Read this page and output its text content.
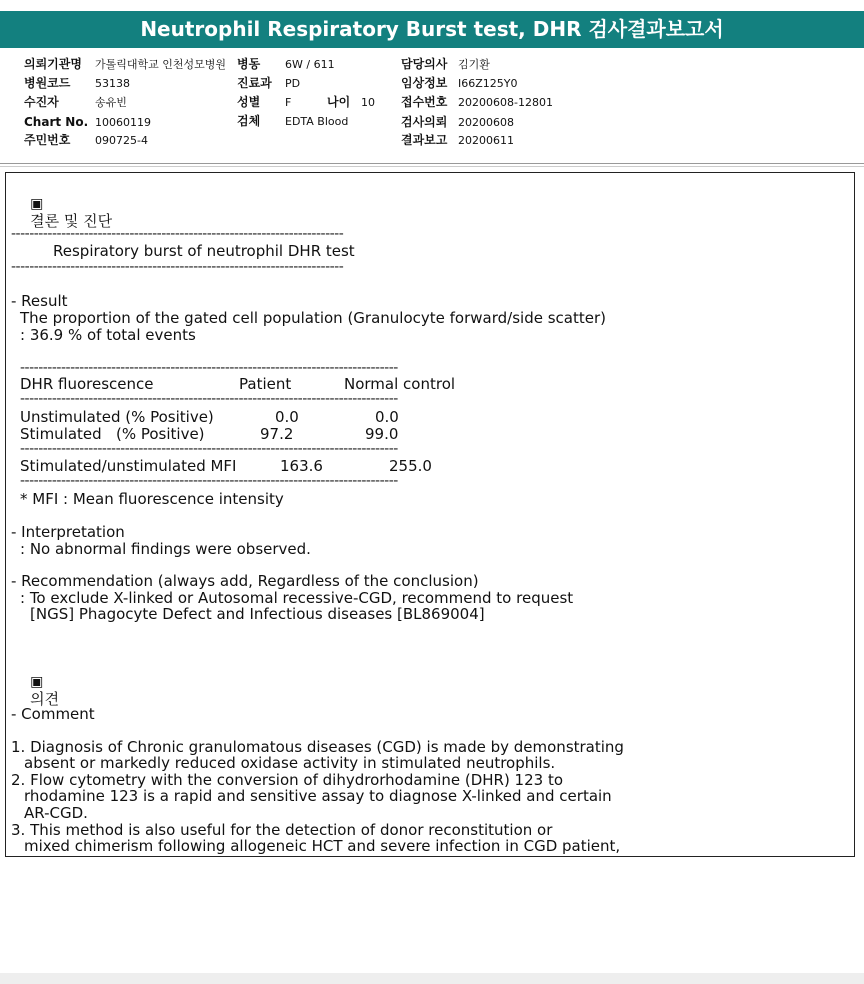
Neutrophil Respiratory Burst test, DHR 검사결과보고서
의뢰기관명 가톨릭대학교 인천성모병원 병동 6W / 611	담당의사 김기환
병원코드 53138	진료과 PD	임상정보 I66Z125Y0
수진자	송유빈	성별 F	나이 10 접수번호 20200608-12801
Chart No. 10060119	검체 EDTA Blood	검사의뢰 20200608
주민번호 090725-4	결과보고 20200611

▣
결론 및 진단

-------------------------------------------------------------------------
Respiratory burst of neutrophil DHR test
-------------------------------------------------------------------------
- Result
The proportion of the gated cell population (Granulocyte forward/side scatter)
: 36.9 % of total events
-----------------------------------------------------------------------------------
DHR fluorescence	Patient	Normal control
-----------------------------------------------------------------------------------
Unstimulated (% Positive)	0.0	0.0
Stimulated   (% Positive)	97.2	99.0
-----------------------------------------------------------------------------------
Stimulated/unstimulated MFI	163.6	255.0
-----------------------------------------------------------------------------------
* MFI : Mean fluorescence intensity
- Interpretation
: No abnormal findings were observed.
- Recommendation (always add, Regardless of the conclusion)
: To exclude X-linked or Autosomal recessive-CGD, recommend to request
[NGS] Phagocyte Defect and Infectious diseases [BL869004]

▣
의견

- Comment
1. Diagnosis of Chronic granulomatous diseases (CGD) is made by demonstrating
absent or markedly reduced oxidase activity in stimulated neutrophils.
2. Flow cytometry with the conversion of dihydrorhodamine (DHR) 123 to
rhodamine 123 is a rapid and sensitive assay to diagnose X-linked and certain
AR-CGD.
3. This method is also useful for the detection of donor reconstitution or
mixed chimerism following allogeneic HCT and severe infection in CGD patient,
